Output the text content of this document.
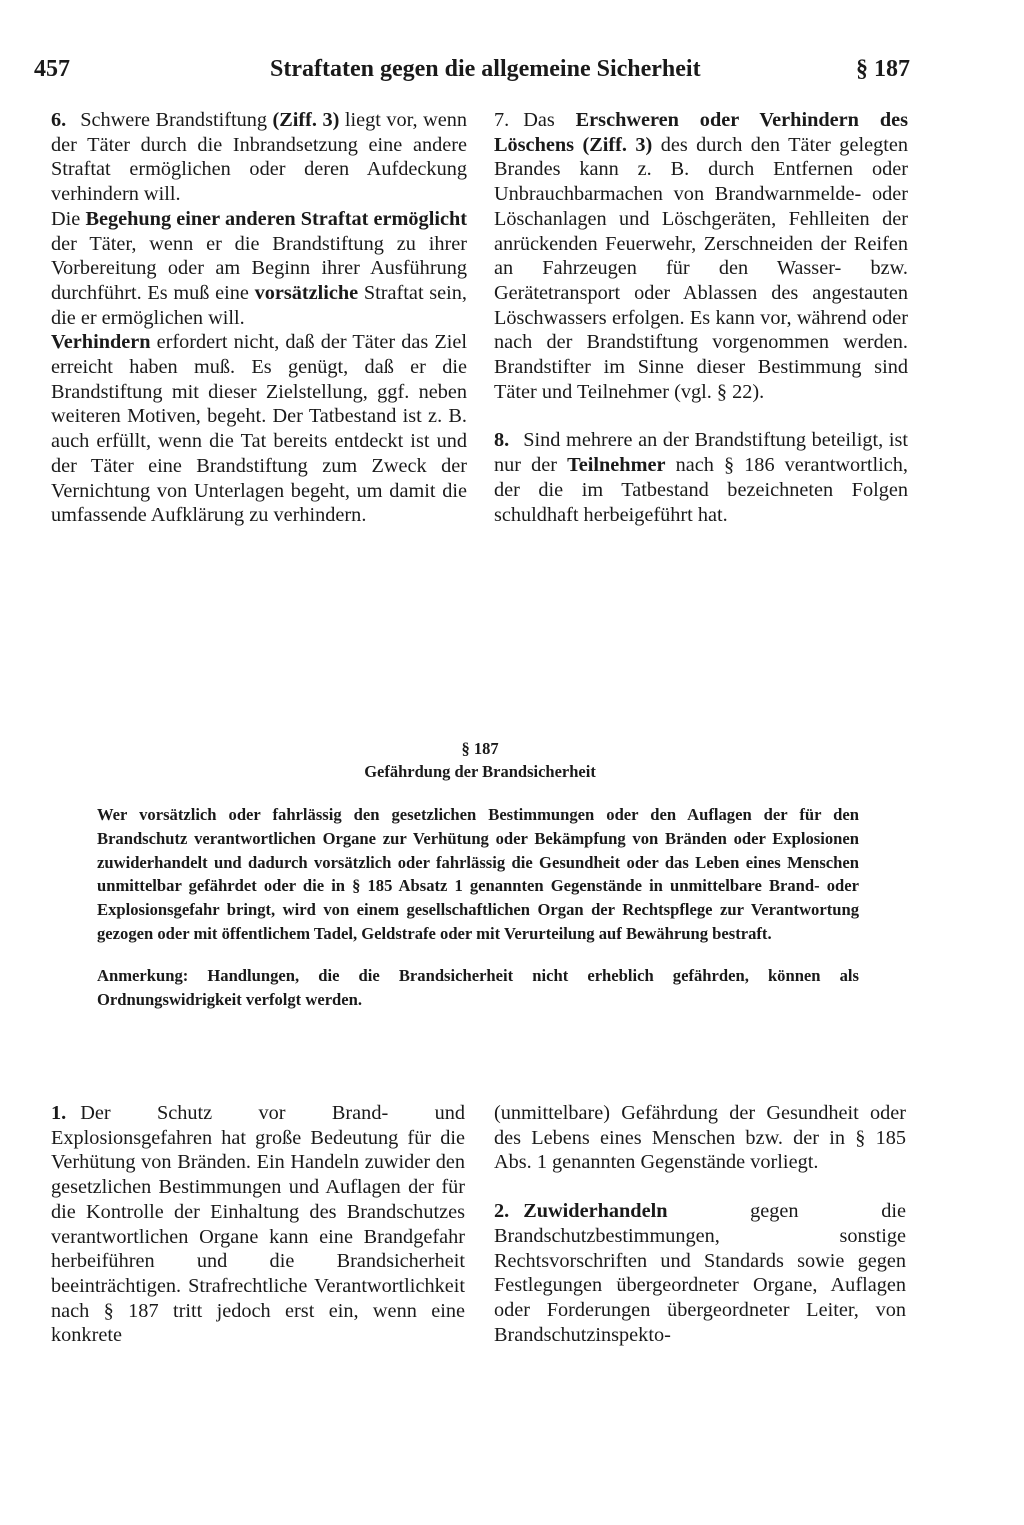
457	Straftaten gegen die allgemeine Sicherheit	§ 187

6. Schwere Brandstiftung (Ziff. 3) liegt vor, wenn der Täter durch die Inbrandsetzung eine andere Straftat ermöglichen oder deren Aufdeckung verhindern will.

Die Begehung einer anderen Straftat ermöglicht der Täter, wenn er die Brandstiftung zu ihrer Vorbereitung oder am Beginn ihrer Ausführung durchführt. Es muß eine vorsätzliche Straftat sein, die er ermöglichen will.

Verhindern erfordert nicht, daß der Täter das Ziel erreicht haben muß. Es genügt, daß er die Brandstiftung mit dieser Zielstellung, ggf. neben weiteren Motiven, begeht. Der Tatbestand ist z. B. auch erfüllt, wenn die Tat bereits entdeckt ist und der Täter eine Brandstiftung zum Zweck der Vernichtung von Unterlagen begeht, um damit die umfassende Aufklärung zu verhindern.

7. Das Erschweren oder Verhindern des Löschens (Ziff. 3) des durch den Täter gelegten Brandes kann z. B. durch Entfernen oder Unbrauchbarmachen von Brandwarnmelde- oder Löschanlagen und Löschgeräten, Fehlleiten der anrückenden Feuerwehr, Zerschneiden der Reifen an Fahrzeugen für den Wasser- bzw. Gerätetransport oder Ablassen des angestauten Löschwassers erfolgen. Es kann vor, während oder nach der Brandstiftung vorgenommen werden. Brandstifter im Sinne dieser Bestimmung sind Täter und Teilnehmer (vgl. § 22).

8. Sind mehrere an der Brandstiftung beteiligt, ist nur der Teilnehmer nach § 186 verantwortlich, der die im Tatbestand bezeichneten Folgen schuldhaft herbeigeführt hat.

§ 187
Gefährdung der Brandsicherheit

Wer vorsätzlich oder fahrlässig den gesetzlichen Bestimmungen oder den Auflagen der für den Brandschutz verantwortlichen Organe zur Verhütung oder Bekämpfung von Bränden oder Explosionen zuwiderhandelt und dadurch vorsätzlich oder fahrlässig die Gesundheit oder das Leben eines Menschen unmittelbar gefährdet oder die in § 185 Absatz 1 genannten Gegenstände in unmittelbare Brand- oder Explosionsgefahr bringt, wird von einem gesellschaftlichen Organ der Rechtspflege zur Verantwortung gezogen oder mit öffentlichem Tadel, Geldstrafe oder mit Verurteilung auf Bewährung bestraft.

Anmerkung: Handlungen, die die Brandsicherheit nicht erheblich gefährden, können als Ordnungswidrigkeit verfolgt werden.

1. Der Schutz vor Brand- und Explosionsgefahren hat große Bedeutung für die Verhütung von Bränden. Ein Handeln zuwider den gesetzlichen Bestimmungen und Auflagen der für die Kontrolle der Einhaltung des Brandschutzes verantwortlichen Organe kann eine Brandgefahr herbeiführen und die Brandsicherheit beeinträchtigen. Strafrechtliche Verantwortlichkeit nach § 187 tritt jedoch erst ein, wenn eine konkrete

(unmittelbare) Gefährdung der Gesundheit oder des Lebens eines Menschen bzw. der in § 185 Abs. 1 genannten Gegenstände vorliegt.

2. Zuwiderhandeln gegen die Brandschutzbestimmungen, sonstige Rechtsvorschriften und Standards sowie gegen Festlegungen übergeordneter Organe, Auflagen oder Forderungen übergeordneter Leiter, von Brandschutzinspekto-
